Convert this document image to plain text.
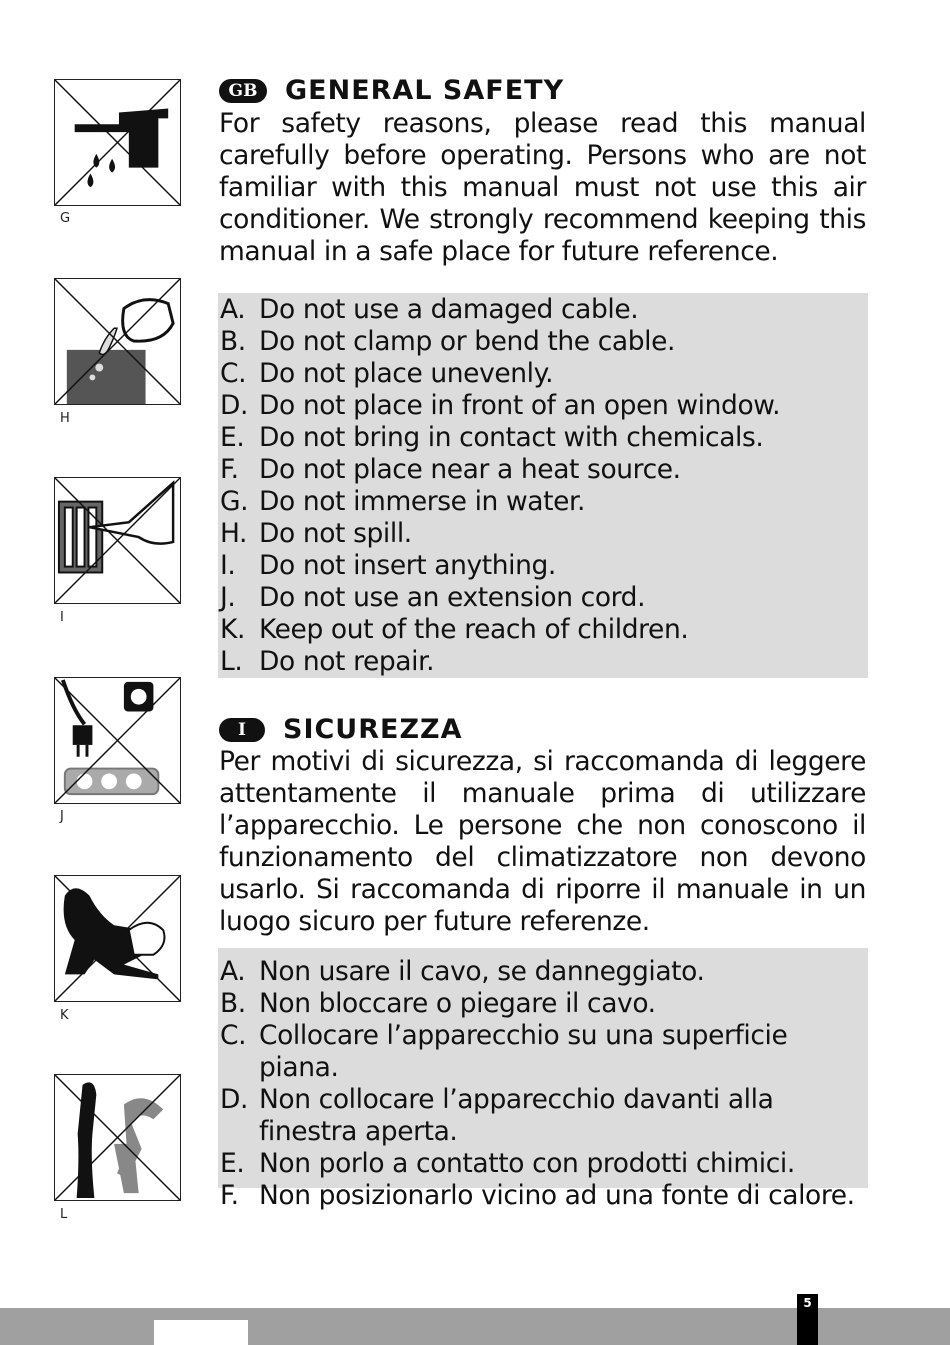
G
H
I
J
K
L
GB	GENERAL SAFETY
For safety reasons, please read this manual carefully before operating. Persons who are not familiar with this manual must not use this air conditioner. We strongly recommend keeping this manual in a safe place for future reference.
A. Do not use a damaged cable.
B. Do not clamp or bend the cable.
C. Do not place unevenly.
D. Do not place in front of an open window.
E. Do not bring in contact with chemicals.
F. Do not place near a heat source.
G. Do not immerse in water.
H. Do not spill.
I. Do not insert anything.
J. Do not use an extension cord.
K. Keep out of the reach of children.
L. Do not repair.
I	SICUREZZA
Per motivi di sicurezza, si raccomanda di leggere attentamente il manuale prima di utilizzare l’apparecchio. Le persone che non conoscono il funzionamento del climatizzatore non devono usarlo. Si raccomanda di riporre il manuale in un luogo sicuro per future referenze.
A. Non usare il cavo, se danneggiato.
B. Non bloccare o piegare il cavo.
C. Collocare l’apparecchio su una superficie piana.
D. Non collocare l’apparecchio davanti alla finestra aperta.
E. Non porlo a contatto con prodotti chimici.
F. Non posizionarlo vicino ad una fonte di calore.
5
